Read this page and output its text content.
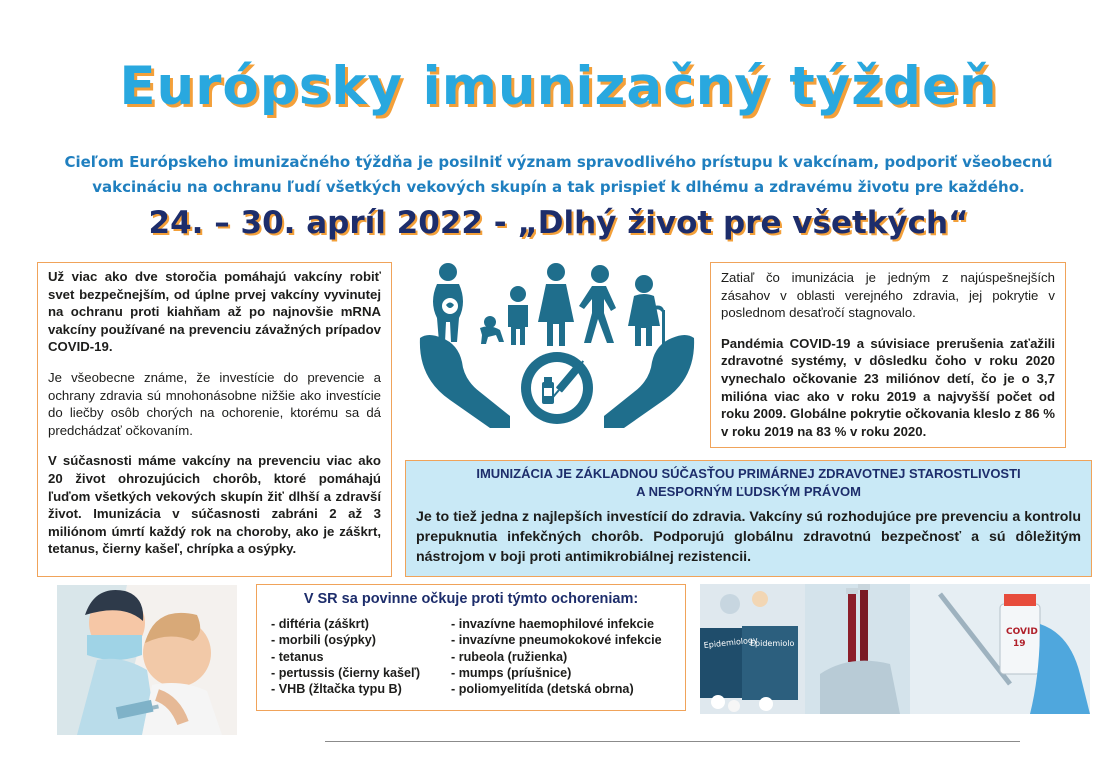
Európsky imunizačný týždeň
Cieľom Európskeho imunizačného týždňa je posilniť význam spravodlivého prístupu k vakcínam, podporiť všeobecnú
vakcináciu na ochranu ľudí všetkých vekových skupín a tak prispieť k dlhému a zdravému životu pre každého.
24. – 30. apríl 2022 - „Dlhý život pre všetkých“

Už viac ako dve storočia pomáhajú vakcíny robiť svet bezpečnejším, od úplne prvej vakcíny vyvinutej na ochranu proti kiahňam až po najnovšie mRNA vakcíny používané na prevenciu závažných prípadov COVID-19.

Je všeobecne známe, že investície do prevencie a ochrany zdravia sú mnohonásobne nižšie ako investície do liečby osôb chorých na ochorenie, ktorému sa dá predchádzať očkovaním.

V súčasnosti máme vakcíny na prevenciu viac ako 20 život ohrozujúcich chorôb, ktoré pomáhajú ľuďom všetkých vekových skupín žiť dlhší a zdravší život. Imunizácia v súčasnosti zabráni 2 až 3 miliónom úmrtí každý rok na choroby, ako je záškrt, tetanus, čierny kašeľ, chrípka a osýpky.

Zatiaľ čo imunizácia je jedným z najúspešnejších zásahov v oblasti verejného zdravia, jej pokrytie v poslednom desaťročí stagnovalo.

Pandémia COVID-19 a súvisiace prerušenia zaťažili zdravotné systémy, v dôsledku čoho v roku 2020 vynechalo očkovanie 23 miliónov detí, čo je o 3,7 milióna viac ako v roku 2019 a najvyšší počet od roku 2009. Globálne pokrytie očkovania kleslo z 86 % v roku 2019 na 83 % v roku 2020.

IMUNIZÁCIA JE ZÁKLADNOU SÚČASŤOU PRIMÁRNEJ ZDRAVOTNEJ STAROSTLIVOSTI
A NESPORNÝM ĽUDSKÝM PRÁVOM
Je to tiež jedna z najlepších investícií do zdravia. Vakcíny sú rozhodujúce pre prevenciu a kontrolu prepuknutia infekčných chorôb. Podporujú globálnu zdravotnú bezpečnosť a sú dôležitým nástrojom v boji proti antimikrobiálnej rezistencii.
V SR sa povinne očkuje proti týmto ochoreniam:
- diftéria (záškrt)
- morbili (osýpky)
- tetanus
- pertussis (čierny kašeľ)
- VHB (žltačka typu B)
- invazívne haemophilové infekcie
- invazívne pneumokokové infekcie
- rubeola (ružienka)
- mumps (príušnice)
- poliomyelitída (detská obrna)
Epidemiology
Epidemiolo
COVID
19
